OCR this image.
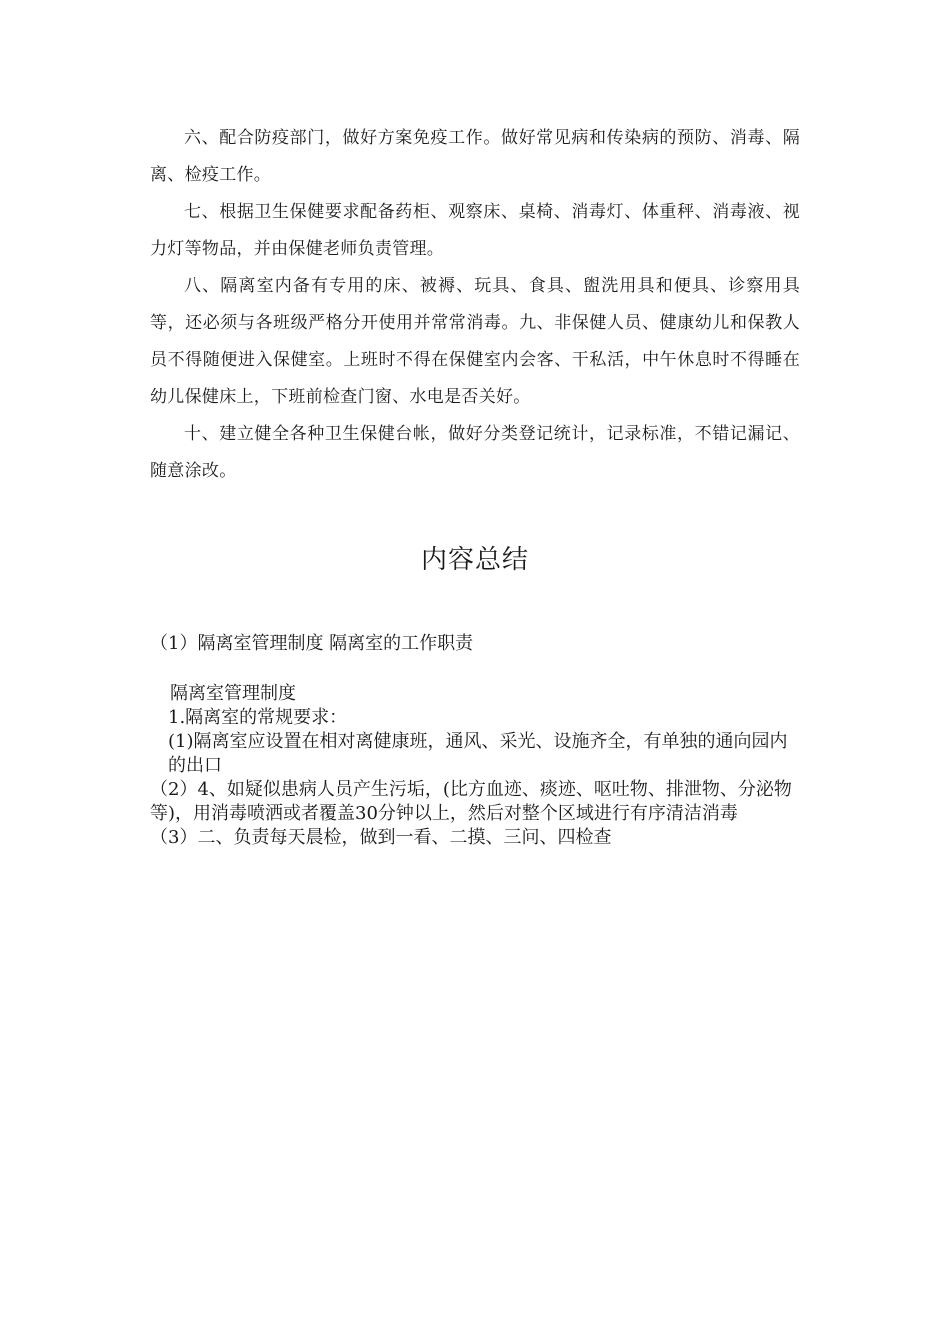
六、配合防疫部门，做好方案免疫工作。做好常见病和传染病的预防、消毒、隔离、检疫工作。

七、根据卫生保健要求配备药柜、观察床、桌椅、消毒灯、体重秤、消毒液、视力灯等物品，并由保健老师负责管理。

八、隔离室内备有专用的床、被褥、玩具、食具、盥洗用具和便具、诊察用具等，还必须与各班级严格分开使用并常常消毒。九、非保健人员、健康幼儿和保教人员不得随便进入保健室。上班时不得在保健室内会客、干私活，中午休息时不得睡在幼儿保健床上，下班前检查门窗、水电是否关好。

十、建立健全各种卫生保健台帐，做好分类登记统计，记录标准，不错记漏记、随意涂改。

内容总结

（1）隔离室管理制度 隔离室的工作职责

隔离室管理制度

1.隔离室的常规要求：

(1)隔离室应设置在相对离健康班，通风、采光、设施齐全，有单独的通向园内的出口

（2）4、如疑似患病人员产生污垢，(比方血迹、痰迹、呕吐物、排泄物、分泌物等)，用消毒喷洒或者覆盖30分钟以上，然后对整个区域进行有序清洁消毒

（3）二、负责每天晨检，做到一看、二摸、三问、四检查
